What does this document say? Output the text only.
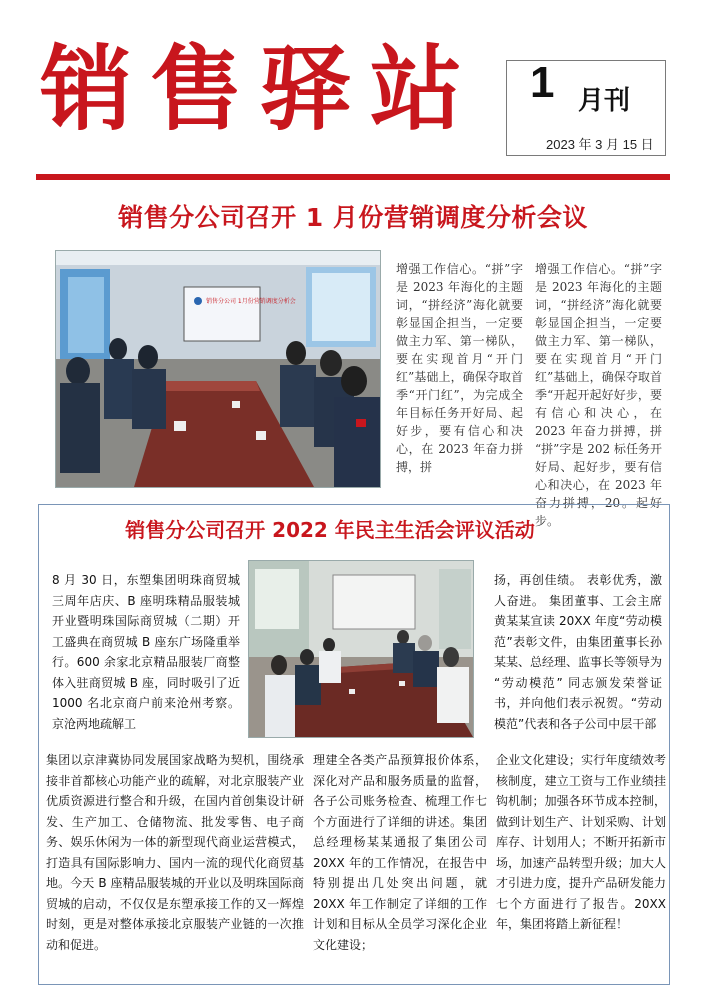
销售驿站 1 月刊
2023 年 3 月 15 日
销售分公司召开 1 月份营销调度分析会议
销售分公司 1月份营销调度分析会

增强工作信心。“拼”字是 2023 年海化的主题词，“拼经济”海化就要彰显国企担当，一定要做主力军、第一梯队，要在实现首月“开门红”基础上，确保夺取首季“开门红”，为完成全年目标任务开好局、起好步，要有信心和决心，在 2023 年奋力拼搏，拼

增强工作信心。“拼”字是 2023 年海化的主题词，“拼经济”海化就要彰显国企担当，一定要做主力军、第一梯队，要在实现首月“开门红”基础上，确保夺取首季“开起开起好好步，要有信心和决心，在 2023 年奋力拼搏，拼 “拼”字是 202 标任务开好局、起好步，要有信心和决心，在 2023 年奋力拼搏，20。起好步。

销售分公司召开 2022 年民主生活会评议活动

8 月 30 日，东塑集团明珠商贸城三周年店庆、B 座明珠精品服装城开业暨明珠国际商贸城（二期）开工盛典在商贸城 B 座东广场隆重举行。600 余家北京精品服装厂商整体入驻商贸城 B 座，同时吸引了近 1000 名北京商户前来沧州考察。京沧两地疏解工

扬，再创佳绩。 表彰优秀，激人奋进。 集团董事、工会主席黄某某宣读 20XX 年度“劳动模范”表彰文件，由集团董事长孙某某、总经理、监事长等领导为 “劳动模范” 同志颁发荣誉证书，并向他们表示祝贺。“劳动模范”代表和各子公司中层干部

集团以京津冀协同发展国家战略为契机，围绕承接非首都核心功能产业的疏解，对北京服装产业优质资源进行整合和升级，在国内首创集设计研发、生产加工、仓储物流、批发零售、电子商务、娱乐休闲为一体的新型现代商业运营模式，打造具有国际影响力、国内一流的现代化商贸基地。今天 B 座精品服装城的开业以及明珠国际商贸城的启动，不仅仅是东塑承接工作的又一辉煌时刻，更是对整体承接北京服装产业链的一次推动和促进。

理建全各类产品预算报价体系，深化对产品和服务质量的监督，各子公司账务检查、梳理工作七个方面进行了详细的讲述。集团总经理杨某某通报了集团公司 20XX 年的工作情况，在报告中特别提出几处突出问题，就 20XX 年工作制定了详细的工作计划和目标从全员学习深化企业文化建设；

企业文化建设；实行年度绩效考核制度，建立工资与工作业绩挂钩机制；加强各环节成本控制，做到计划生产、计划采购、计划库存、计划用人；不断开拓新市场，加速产品转型升级；加大人才引进力度，提升产品研发能力七个方面进行了报告。20XX 年，集团将踏上新征程！
